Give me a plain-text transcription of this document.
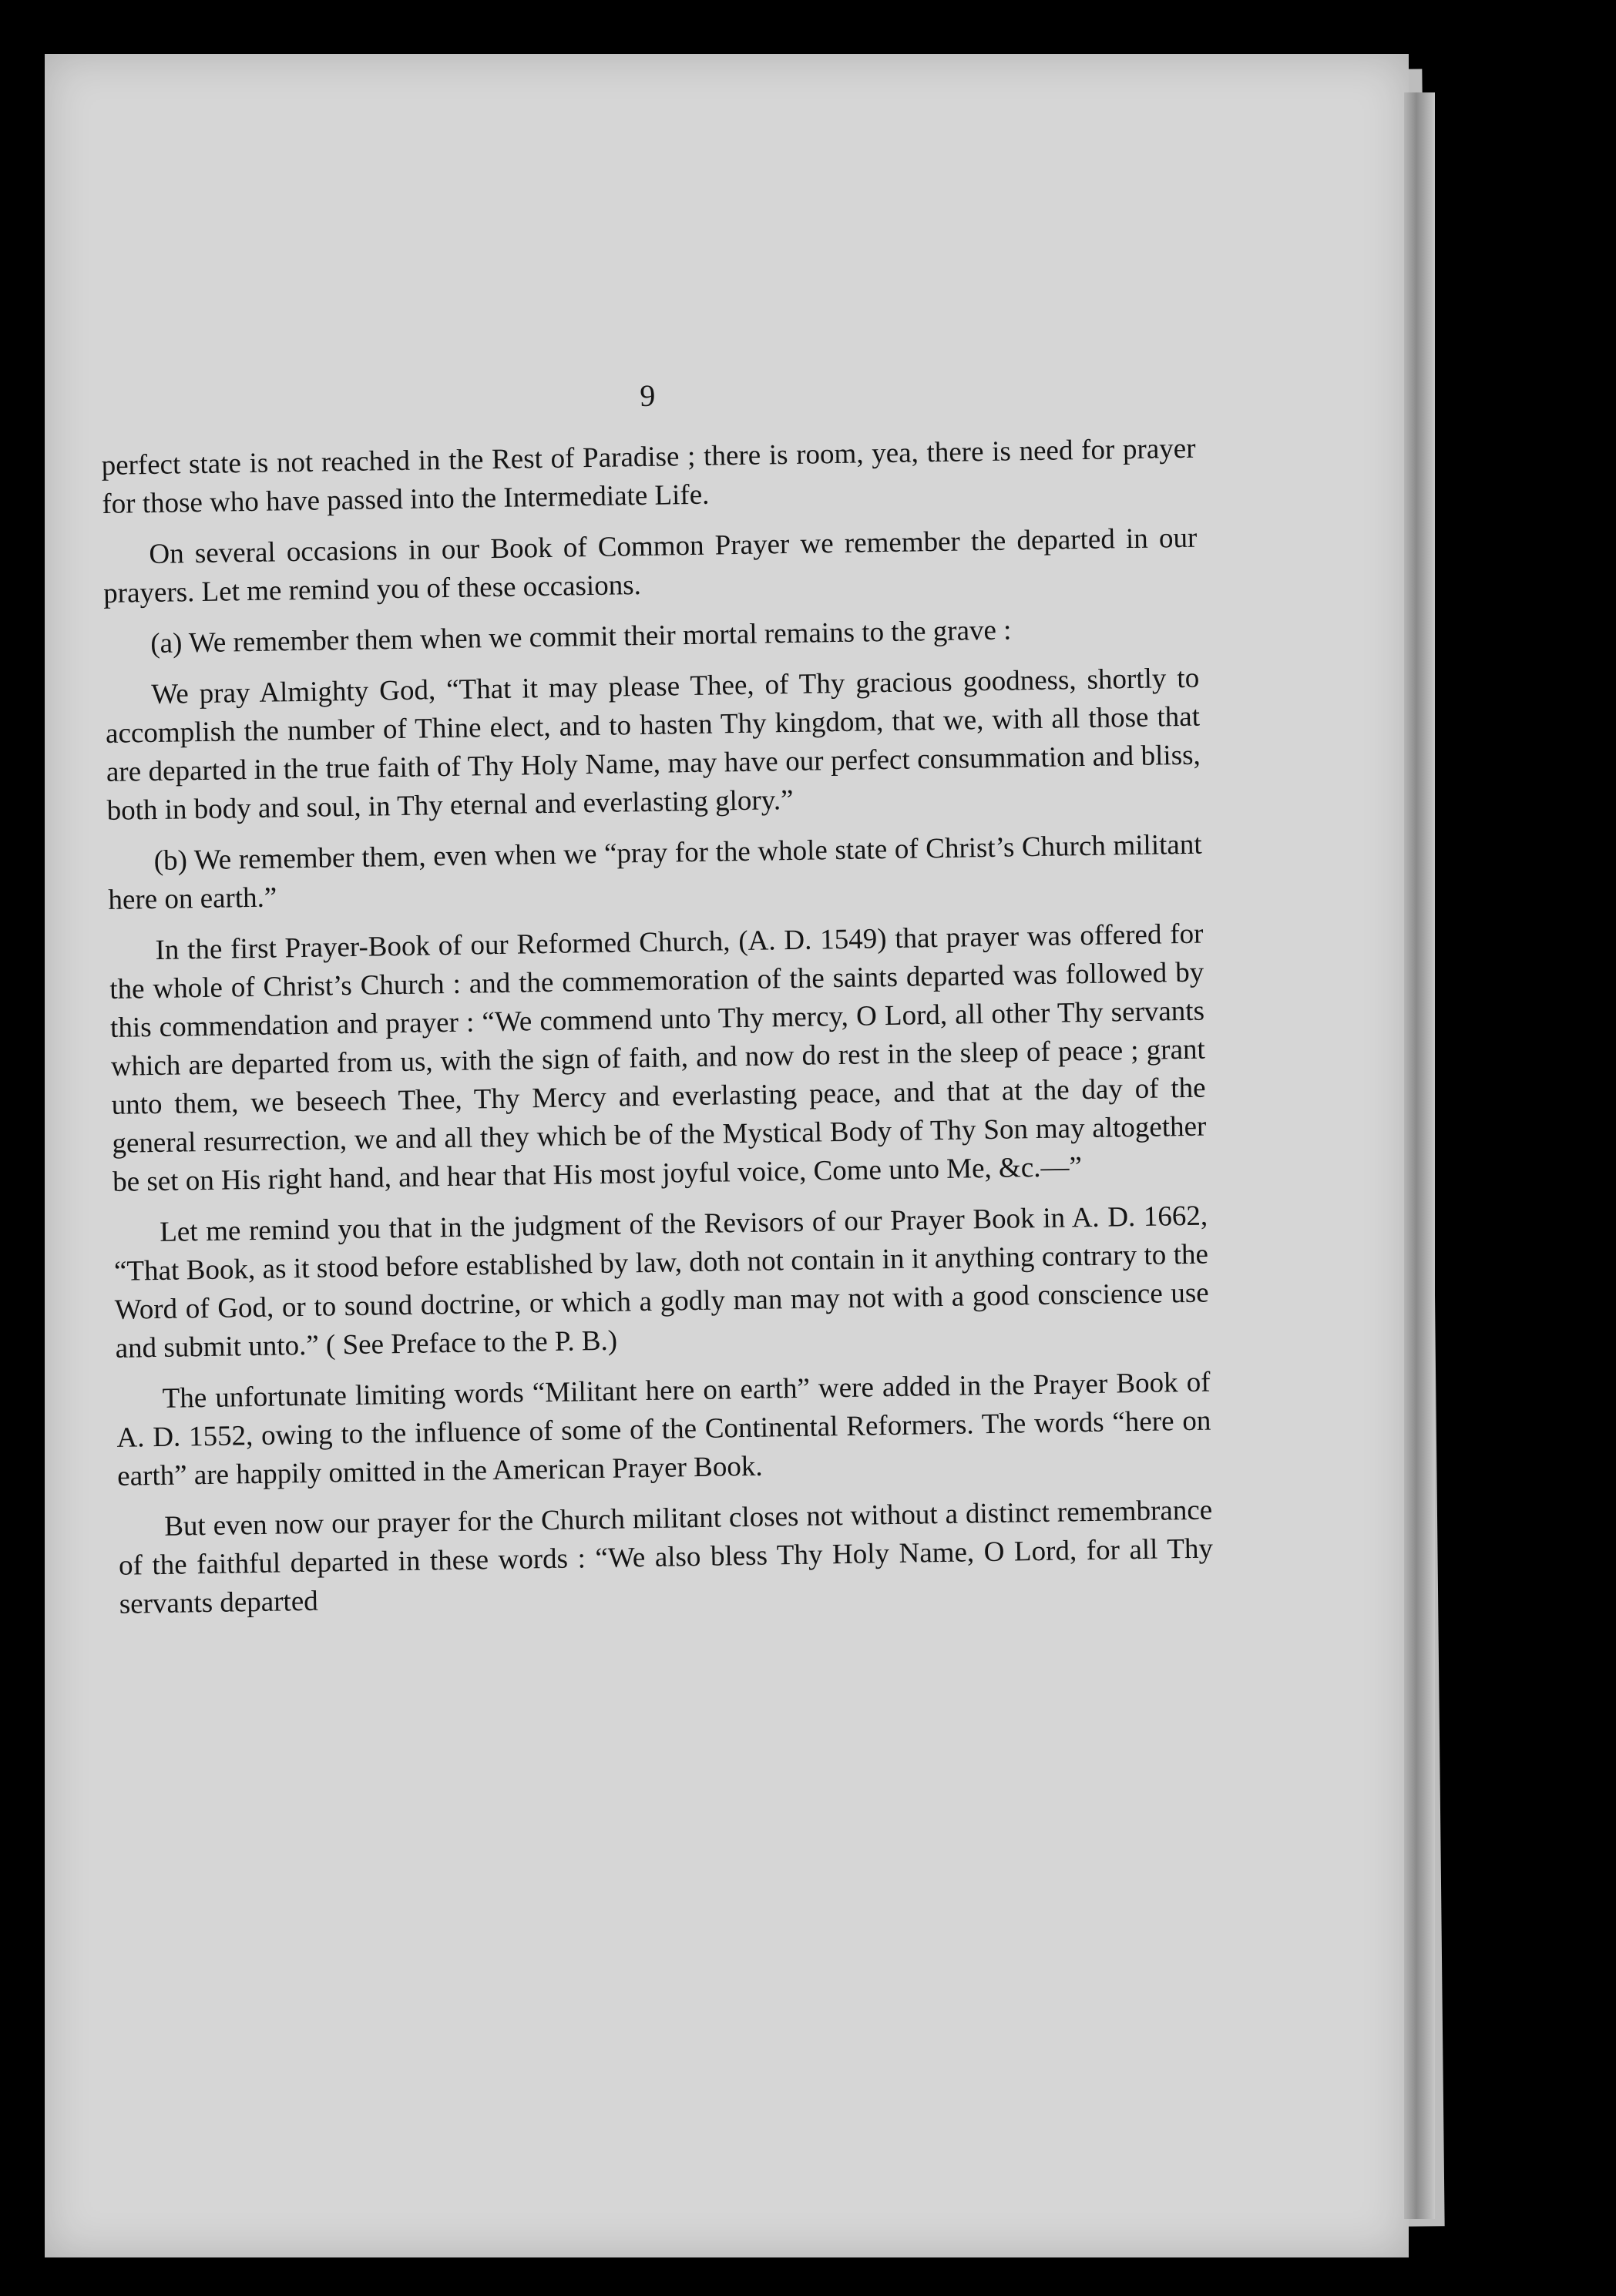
9

perfect state is not reached in the Rest of Paradise ; there is room, yea, there is need for prayer for those who have passed into the Intermediate Life.

On several occasions in our Book of Common Prayer we remember the departed in our prayers. Let me remind you of these occasions.

(a) We remember them when we commit their mortal remains to the grave :

We pray Almighty God, “That it may please Thee, of Thy gracious goodness, shortly to accomplish the number of Thine elect, and to hasten Thy kingdom, that we, with all those that are departed in the true faith of Thy Holy Name, may have our perfect consummation and bliss, both in body and soul, in Thy eternal and everlasting glory.”

(b) We remember them, even when we “pray for the whole state of Christ’s Church militant here on earth.”

In the first Prayer-Book of our Reformed Church, (A. D. 1549) that prayer was offered for the whole of Christ’s Church : and the commemoration of the saints departed was followed by this commendation and prayer : “We commend unto Thy mercy, O Lord, all other Thy servants which are departed from us, with the sign of faith, and now do rest in the sleep of peace ; grant unto them, we beseech Thee, Thy Mercy and everlasting peace, and that at the day of the general resurrection, we and all they which be of the Mystical Body of Thy Son may altogether be set on His right hand, and hear that His most joyful voice, Come unto Me, &c.—”

Let me remind you that in the judgment of the Revisors of our Prayer Book in A. D. 1662, “That Book, as it stood before established by law, doth not contain in it anything contrary to the Word of God, or to sound doctrine, or which a godly man may not with a good conscience use and submit unto.” ( See Preface to the P. B.)

The unfortunate limiting words “Militant here on earth” were added in the Prayer Book of A. D. 1552, owing to the influence of some of the Continental Reformers. The words “here on earth” are happily omitted in the American Prayer Book.

But even now our prayer for the Church militant closes not without a distinct remembrance of the faithful departed in these words : “We also bless Thy Holy Name, O Lord, for all Thy servants departed
